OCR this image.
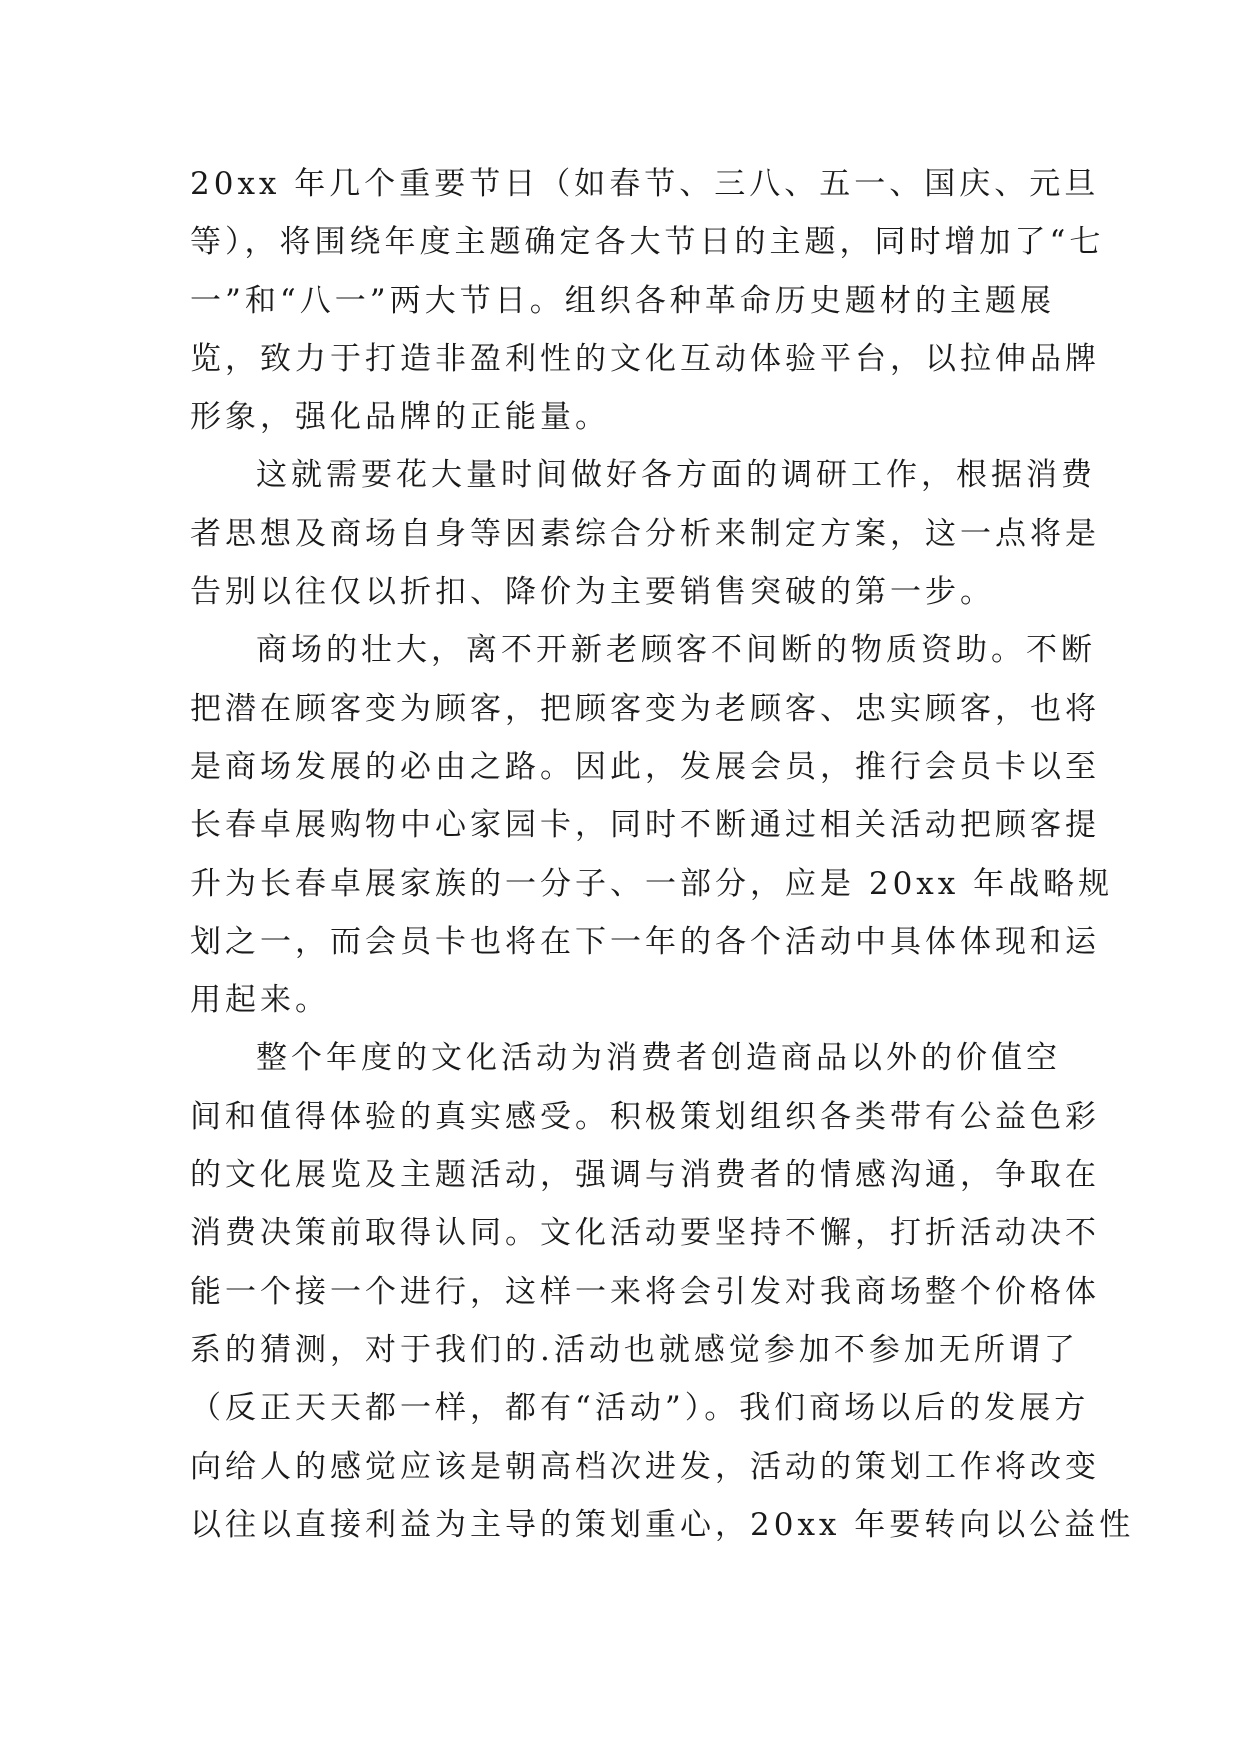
20xx 年几个重要节日（如春节、三八、五一、国庆、元旦
等），将围绕年度主题确定各大节日的主题，同时增加了“七
一”和“八一”两大节日。组织各种革命历史题材的主题展
览，致力于打造非盈利性的文化互动体验平台，以拉伸品牌
形象，强化品牌的正能量。
这就需要花大量时间做好各方面的调研工作，根据消费
者思想及商场自身等因素综合分析来制定方案，这一点将是
告别以往仅以折扣、降价为主要销售突破的第一步。
商场的壮大，离不开新老顾客不间断的物质资助。不断
把潜在顾客变为顾客，把顾客变为老顾客、忠实顾客，也将
是商场发展的必由之路。因此，发展会员，推行会员卡以至
长春卓展购物中心家园卡，同时不断通过相关活动把顾客提
升为长春卓展家族的一分子、一部分，应是 20xx 年战略规
划之一，而会员卡也将在下一年的各个活动中具体体现和运
用起来。
整个年度的文化活动为消费者创造商品以外的价值空
间和值得体验的真实感受。积极策划组织各类带有公益色彩
的文化展览及主题活动，强调与消费者的情感沟通，争取在
消费决策前取得认同。文化活动要坚持不懈，打折活动决不
能一个接一个进行，这样一来将会引发对我商场整个价格体
系的猜测，对于我们的.活动也就感觉参加不参加无所谓了
（反正天天都一样，都有“活动”）。我们商场以后的发展方
向给人的感觉应该是朝高档次进发，活动的策划工作将改变
以往以直接利益为主导的策划重心，20xx 年要转向以公益性
